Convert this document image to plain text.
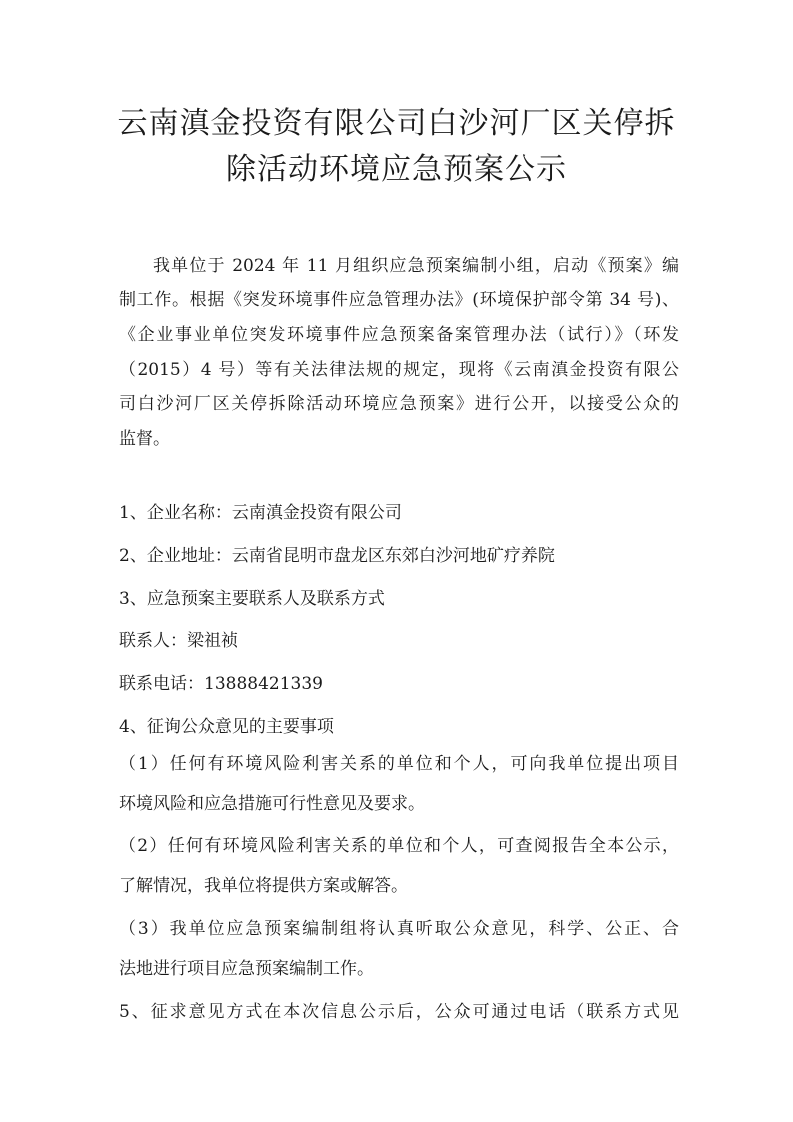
云南滇金投资有限公司白沙河厂区关停拆
除活动环境应急预案公示

我单位于 2024 年 11 月组织应急预案编制小组，启动《预案》编

制工作。根据《突发环境事件应急管理办法》(环境保护部令第 34 号)、

《企业事业单位突发环境事件应急预案备案管理办法（试行）》（环发

（2015）4 号）等有关法律法规的规定，现将《云南滇金投资有限公

司白沙河厂区关停拆除活动环境应急预案》进行公开，以接受公众的

监督。

1、企业名称：云南滇金投资有限公司

2、企业地址：云南省昆明市盘龙区东郊白沙河地矿疗养院

3、应急预案主要联系人及联系方式

联系人：梁祖祯

联系电话：13888421339

4、征询公众意见的主要事项

（1）任何有环境风险利害关系的单位和个人，可向我单位提出项目

环境风险和应急措施可行性意见及要求。

（2）任何有环境风险利害关系的单位和个人，可查阅报告全本公示，

了解情况，我单位将提供方案或解答。

（3）我单位应急预案编制组将认真听取公众意见，科学、公正、合

法地进行项目应急预案编制工作。

5、征求意见方式在本次信息公示后，公众可通过电话（联系方式见
